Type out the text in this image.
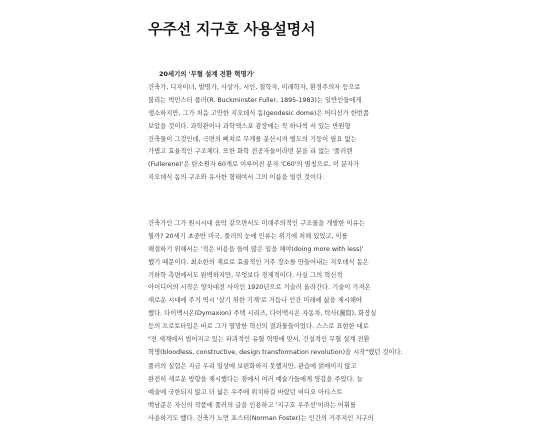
우주선 지구호 사용설명서
20세기의 '무혈 설계 전환 혁명가'
건축가, 디자이너, 발명가, 사상가, 시인, 철학자, 미래학자, 환경주의자 등으로
불리는 벅민스터 풀러(R. Buckminster Fuller, 1895-1983)는 일반인들에게
생소하지만, 그가 처음 고안한 지오데식 돔(geodesic dome)은 어디선가 한번쯤
보았을 것이다. 과학관이나 과학엑스포 광장에는 꼭 하나씩 서 있는 반원형
건축물이 그것인데, 극면의 삐쳐로 무게를 분산시켜 별도의 기둥이 필요 없는
가볍고 효율적인 구조체다. 또한 화학 전공자들이라면 분을 리 없는 '풀러렌
(Fullerene)'은 탄소원자 60개로 이루어진 분자 'C60'의 별칭으로, 이 분자가
지오데식 돔의 구조와 유사한 형태여서 그의 이름을 빌린 것이다.
건축가인 그가 원시시대 움막 같으면서도 미래주의적인 구조물을 개발한 이유는
뭘까? 20세기 초중반 미국, 풀러의 눈에 인류는 위기에 처해 있었고, 이를
해결하기 위해서는 '적은 비용을 들여 많은 일을 해야(doing more with less)'
했기 때문이다. 최소한의 재료로 효율적인 거주 장소를 만들어내는 지오데식 돔은
기하학 측면에서도 완벽하지만, 무엇보다 경제적이다. 사실 그의 혁신적
아이디어의 시작은 양차대전 사이인 1920년으로 거슬러 올라간다. 기술이 가져온
새로운 시대에 주거 역시 '살기 위한 기계'로 거듭나 인간 미래에 삶을 제시해야
했다. 다이맥시온(Dymaxion) 주택 시리즈, 다이맥시온 자동차, 탁사(濁寫), 화장실
등의 프로토타입은 바로 그가 열망한 혁신의 결과물들이었다. 스스로 표현한 대로
"전 세계에서 벌어지고 있는 파괴적인 유혈 혁명에 맞서, 건설적인 무혈 설계 전환
혁명(bloodless, constructive, design transformation revolution)을 시작"했던 것이다.
풀러의 실험은 지금 우리 일상에 보편화하지 못했지만, 관습에 얽매이지 않고
완전히 새로운 방향을 제시했다는 점에서 여러 예술가들에게 영감을 주었다. 늘
예술에 국한되지 않고 더 넓은 우주에 위치하길 바랐던 비디오 아티스트
백남준은 자신의 작품에 풀러의 글을 인용하고 '지구호 우주선'이라는 어휘를
사용하기도 했다. 건축가 노먼 포스터(Norman Foster)는 인간의 거주지인 지구의
